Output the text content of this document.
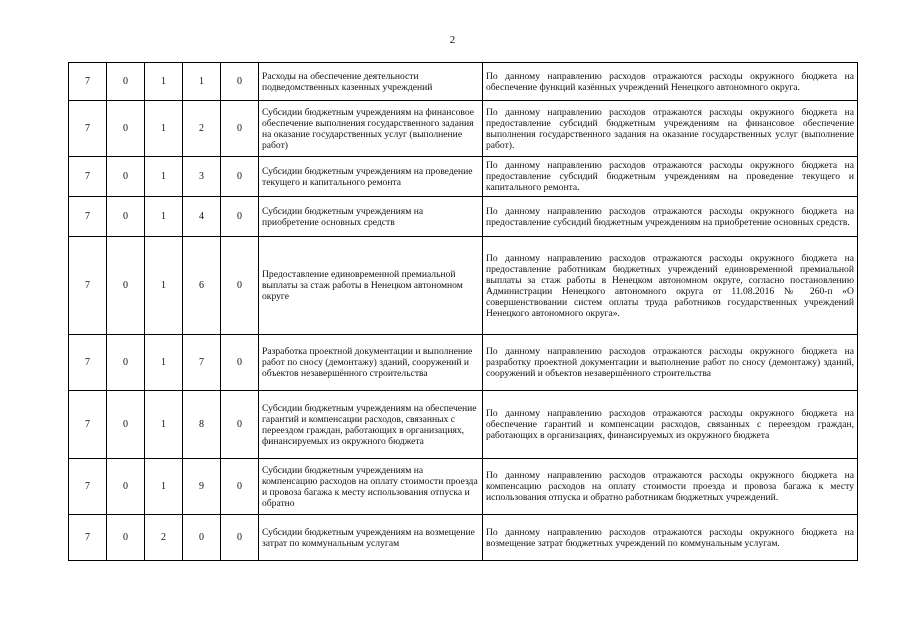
2
7	0	1	1	0	Расходы на обеспечение деятельности подведомственных казенных учреждений	По данному направлению расходов отражаются расходы окружного бюджета на обеспечение функций казённых учреждений Ненецкого автономного округа.
7	0	1	2	0	Субсидии бюджетным учреждениям на финансовое обеспечение выполнения государственного задания на оказание государственных услуг (выполнение работ)	По данному направлению расходов отражаются расходы окружного бюджета на предоставление субсидий бюджетным учреждениям на финансовое обеспечение выполнения государственного задания на оказание государственных услуг (выполнение работ).
7	0	1	3	0	Субсидии бюджетным учреждениям на проведение текущего и капитального ремонта	По данному направлению расходов отражаются расходы окружного бюджета на предоставление субсидий бюджетным учреждениям на проведение текущего и капитального ремонта.
7	0	1	4	0	Субсидии бюджетным учреждениям на приобретение основных средств	По данному направлению расходов отражаются расходы окружного бюджета на предоставление субсидий бюджетным учреждениям на приобретение основных средств.
7	0	1	6	0	Предоставление единовременной премиальной выплаты за стаж работы в Ненецком автономном округе	По данному направлению расходов отражаются расходы окружного бюджета на предоставление работникам бюджетных учреждений единовременной премиальной выплаты за стаж работы в Ненецком автономном округе, согласно постановлению Администрации Ненецкого автономного округа от 11.08.2016 № 260-п «О совершенствовании систем оплаты труда работников государственных учреждений Ненецкого автономного округа».
7	0	1	7	0	Разработка проектной документации и выполнение работ по сносу (демонтажу) зданий, сооружений и объектов незавершённого строительства	По данному направлению расходов отражаются расходы окружного бюджета на разработку проектной документации и выполнение работ по сносу (демонтажу) зданий, сооружений и объектов незавершённого строительства
7	0	1	8	0	Субсидии бюджетным учреждениям на обеспечение гарантий и компенсации расходов, связанных с переездом граждан, работающих в организациях, финансируемых из окружного бюджета	По данному направлению расходов отражаются расходы окружного бюджета на обеспечение гарантий и компенсации расходов, связанных с переездом граждан, работающих в организациях, финансируемых из окружного бюджета
7	0	1	9	0	Субсидии бюджетным учреждениям на компенсацию расходов на оплату стоимости проезда и провоза багажа к месту использования отпуска и обратно	По данному направлению расходов отражаются расходы окружного бюджета на компенсацию расходов на оплату стоимости проезда и провоза багажа к месту использования отпуска и обратно работникам бюджетных учреждений.
7	0	2	0	0	Субсидии бюджетным учреждениям на возмещение затрат по коммунальным услугам	По данному направлению расходов отражаются расходы окружного бюджета на возмещение затрат бюджетных учреждений по коммунальным услугам.
